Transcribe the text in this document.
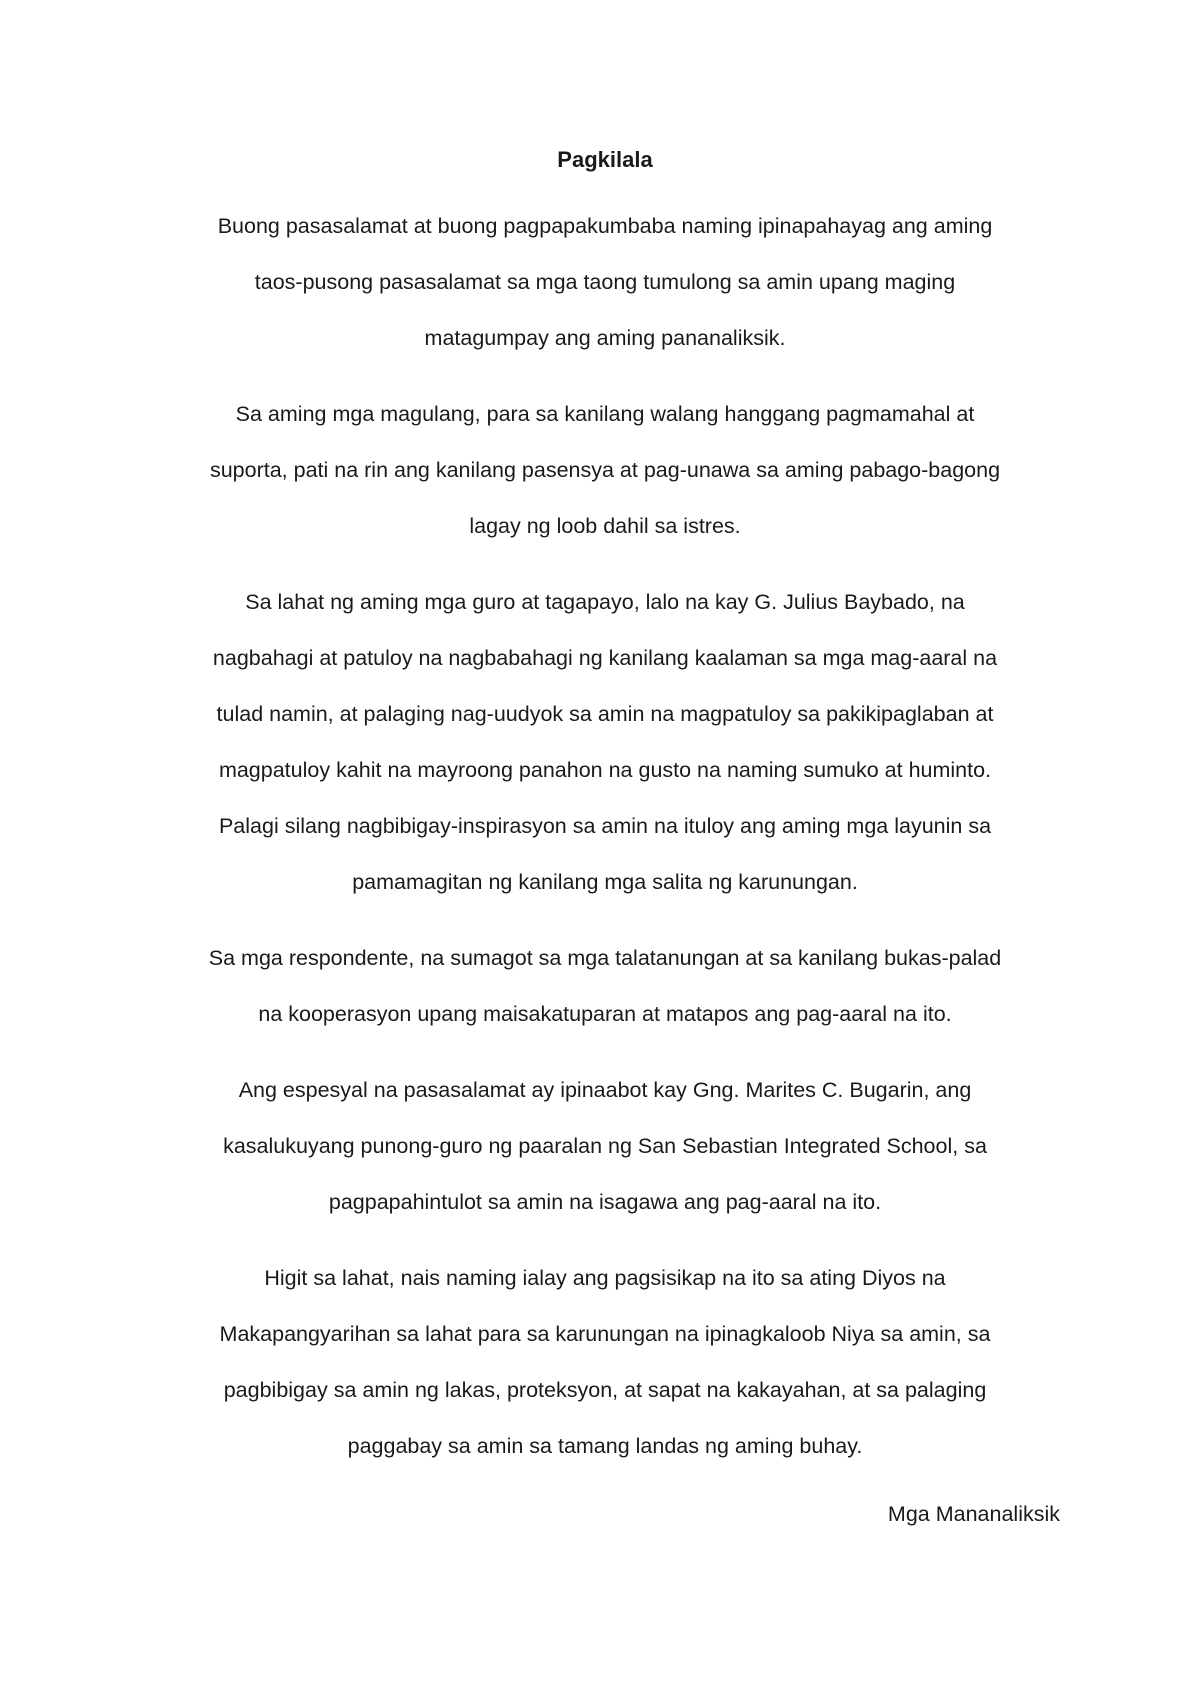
Pagkilala
Buong pasasalamat at buong pagpapakumbaba naming ipinapahayag ang aming
taos-pusong pasasalamat sa mga taong tumulong sa amin upang maging
matagumpay ang aming pananaliksik.
Sa aming mga magulang, para sa kanilang walang hanggang pagmamahal at
suporta, pati na rin ang kanilang pasensya at pag-unawa sa aming pabago-bagong
lagay ng loob dahil sa istres.
Sa lahat ng aming mga guro at tagapayo, lalo na kay G. Julius Baybado, na
nagbahagi at patuloy na nagbabahagi ng kanilang kaalaman sa mga mag-aaral na
tulad namin, at palaging nag-uudyok sa amin na magpatuloy sa pakikipaglaban at
magpatuloy kahit na mayroong panahon na gusto na naming sumuko at huminto.
Palagi silang nagbibigay-inspirasyon sa amin na ituloy ang aming mga layunin sa
pamamagitan ng kanilang mga salita ng karunungan.
Sa mga respondente, na sumagot sa mga talatanungan at sa kanilang bukas-palad
na kooperasyon upang maisakatuparan at matapos ang pag-aaral na ito.
Ang espesyal na pasasalamat ay ipinaabot kay Gng. Marites C. Bugarin, ang
kasalukuyang punong-guro ng paaralan ng San Sebastian Integrated School, sa
pagpapahintulot sa amin na isagawa ang pag-aaral na ito.
Higit sa lahat, nais naming ialay ang pagsisikap na ito sa ating Diyos na
Makapangyarihan sa lahat para sa karunungan na ipinagkaloob Niya sa amin, sa
pagbibigay sa amin ng lakas, proteksyon, at sapat na kakayahan, at sa palaging
paggabay sa amin sa tamang landas ng aming buhay.
Mga Mananaliksik
